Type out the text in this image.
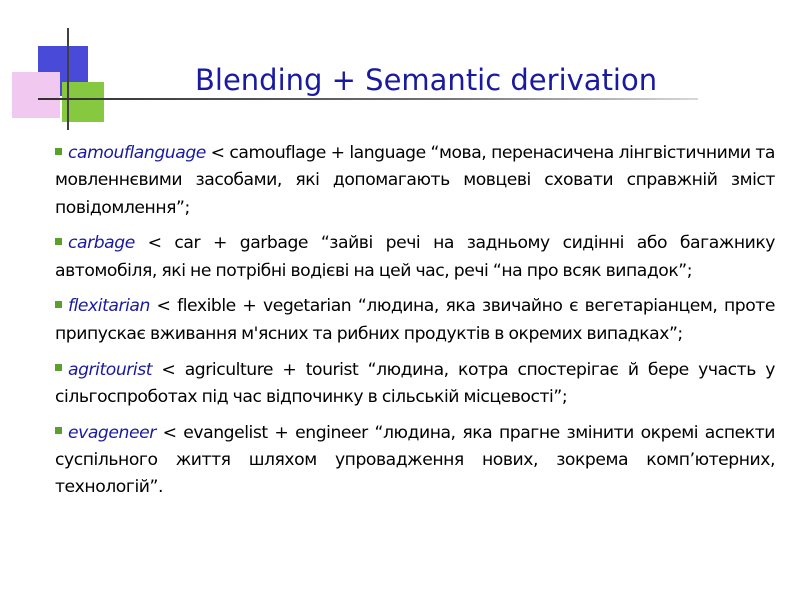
Blending + Semantic derivation

camouflanguage < camouflage + language “мова, перенасичена лінгвістичними та мовленнєвими засобами, які допомагають мовцеві сховати справжній зміст повідомлення”;

carbage < car + garbage “зайві речі на задньому сидінні або багажнику автомобіля, які не потрібні водієві на цей час, речі “на про всяк випадок”;

flexitarian < flexible + vegetarian “людина, яка звичайно є вегетаріанцем, проте припускає вживання м'ясних та рибних продуктів в окремих випадках”;

agritourist < agriculture + tourist “людина, котра спостерігає й бере участь у сільгоспроботах під час відпочинку в сільській місцевості”;

evageneer < evangelist + engineer “людина, яка прагне змінити окремі аспекти суспільного життя шляхом упровадження нових, зокрема комп’ютерних, технологій”.
